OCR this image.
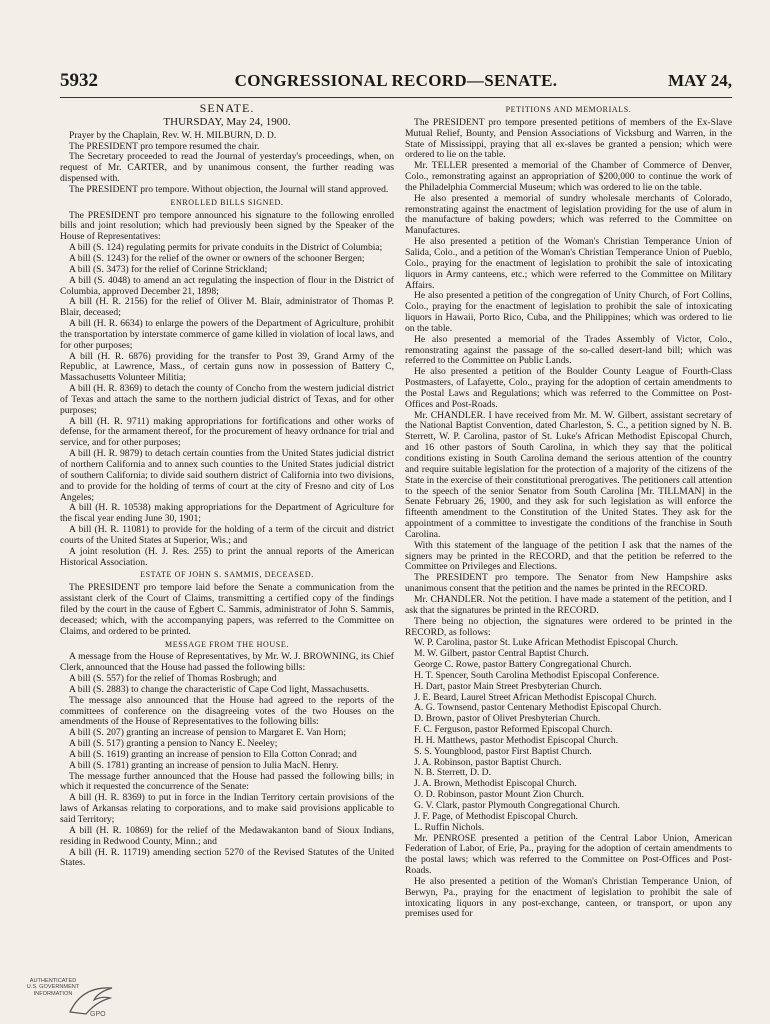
5932	CONGRESSIONAL RECORD—SENATE.	MAY 24,
SENATE.
THURSDAY, May 24, 1900.

Prayer by the Chaplain, Rev. W. H. MILBURN, D. D.

The PRESIDENT pro tempore resumed the chair.

The Secretary proceeded to read the Journal of yesterday's proceedings, when, on request of Mr. CARTER, and by unanimous consent, the further reading was dispensed with.

The PRESIDENT pro tempore. Without objection, the Journal will stand approved.

ENROLLED BILLS SIGNED.

The PRESIDENT pro tempore announced his signature to the following enrolled bills and joint resolution; which had previously been signed by the Speaker of the House of Representatives:

A bill (S. 124) regulating permits for private conduits in the District of Columbia;

A bill (S. 1243) for the relief of the owner or owners of the schooner Bergen;

A bill (S. 3473) for the relief of Corinne Strickland;

A bill (S. 4048) to amend an act regulating the inspection of flour in the District of Columbia, approved December 21, 1898;

A bill (H. R. 2156) for the relief of Oliver M. Blair, administrator of Thomas P. Blair, deceased;

A bill (H. R. 6634) to enlarge the powers of the Department of Agriculture, prohibit the transportation by interstate commerce of game killed in violation of local laws, and for other purposes;

A bill (H. R. 6876) providing for the transfer to Post 39, Grand Army of the Republic, at Lawrence, Mass., of certain guns now in possession of Battery C, Massachusetts Volunteer Militia;

A bill (H. R. 8369) to detach the county of Concho from the western judicial district of Texas and attach the same to the northern judicial district of Texas, and for other purposes;

A bill (H. R. 9711) making appropriations for fortifications and other works of defense, for the armament thereof, for the procurement of heavy ordnance for trial and service, and for other purposes;

A bill (H. R. 9879) to detach certain counties from the United States judicial district of northern California and to annex such counties to the United States judicial district of southern California; to divide said southern district of California into two divisions, and to provide for the holding of terms of court at the city of Fresno and city of Los Angeles;

A bill (H. R. 10538) making appropriations for the Department of Agriculture for the fiscal year ending June 30, 1901;

A bill (H. R. 11081) to provide for the holding of a term of the circuit and district courts of the United States at Superior, Wis.; and

A joint resolution (H. J. Res. 255) to print the annual reports of the American Historical Association.

ESTATE OF JOHN S. SAMMIS, DECEASED.

The PRESIDENT pro tempore laid before the Senate a communication from the assistant clerk of the Court of Claims, transmitting a certified copy of the findings filed by the court in the cause of Egbert C. Sammis, administrator of John S. Sammis, deceased; which, with the accompanying papers, was referred to the Committee on Claims, and ordered to be printed.

MESSAGE FROM THE HOUSE.

A message from the House of Representatives, by Mr. W. J. BROWNING, its Chief Clerk, announced that the House had passed the following bills:

A bill (S. 557) for the relief of Thomas Rosbrugh; and

A bill (S. 2883) to change the characteristic of Cape Cod light, Massachusetts.

The message also announced that the House had agreed to the reports of the committees of conference on the disagreeing votes of the two Houses on the amendments of the House of Representatives to the following bills:

A bill (S. 207) granting an increase of pension to Margaret E. Van Horn;

A bill (S. 517) granting a pension to Nancy E. Neeley;

A bill (S. 1619) granting an increase of pension to Ella Cotton Conrad; and

A bill (S. 1781) granting an increase of pension to Julia MacN. Henry.

The message further announced that the House had passed the following bills; in which it requested the concurrence of the Senate:

A bill (H. R. 8369) to put in force in the Indian Territory certain provisions of the laws of Arkansas relating to corporations, and to make said provisions applicable to said Territory;

A bill (H. R. 10869) for the relief of the Medawakanton band of Sioux Indians, residing in Redwood County, Minn.; and

A bill (H. R. 11719) amending section 5270 of the Revised Statutes of the United States.

PETITIONS AND MEMORIALS.

The PRESIDENT pro tempore presented petitions of members of the Ex-Slave Mutual Relief, Bounty, and Pension Associations of Vicksburg and Warren, in the State of Mississippi, praying that all ex-slaves be granted a pension; which were ordered to lie on the table.

Mr. TELLER presented a memorial of the Chamber of Commerce of Denver, Colo., remonstrating against an appropriation of $200,000 to continue the work of the Philadelphia Commercial Museum; which was ordered to lie on the table.

He also presented a memorial of sundry wholesale merchants of Colorado, remonstrating against the enactment of legislation providing for the use of alum in the manufacture of baking powders; which was referred to the Committee on Manufactures.

He also presented a petition of the Woman's Christian Temperance Union of Salida, Colo., and a petition of the Woman's Christian Temperance Union of Pueblo, Colo., praying for the enactment of legislation to prohibit the sale of intoxicating liquors in Army canteens, etc.; which were referred to the Committee on Military Affairs.

He also presented a petition of the congregation of Unity Church, of Fort Collins, Colo., praying for the enactment of legislation to prohibit the sale of intoxicating liquors in Hawaii, Porto Rico, Cuba, and the Philippines; which was ordered to lie on the table.

He also presented a memorial of the Trades Assembly of Victor, Colo., remonstrating against the passage of the so-called desert-land bill; which was referred to the Committee on Public Lands.

He also presented a petition of the Boulder County League of Fourth-Class Postmasters, of Lafayette, Colo., praying for the adoption of certain amendments to the Postal Laws and Regulations; which was referred to the Committee on Post-Offices and Post-Roads.

Mr. CHANDLER. I have received from Mr. M. W. Gilbert, assistant secretary of the National Baptist Convention, dated Charleston, S. C., a petition signed by N. B. Sterrett, W. P. Carolina, pastor of St. Luke's African Methodist Episcopal Church, and 16 other pastors of South Carolina, in which they say that the political conditions existing in South Carolina demand the serious attention of the country and require suitable legislation for the protection of a majority of the citizens of the State in the exercise of their constitutional prerogatives. The petitioners call attention to the speech of the senior Senator from South Carolina [Mr. TILLMAN] in the Senate February 26, 1900, and they ask for such legislation as will enforce the fifteenth amendment to the Constitution of the United States. They ask for the appointment of a committee to investigate the conditions of the franchise in South Carolina.

With this statement of the language of the petition I ask that the names of the signers may be printed in the RECORD, and that the petition be referred to the Committee on Privileges and Elections.

The PRESIDENT pro tempore. The Senator from New Hampshire asks unanimous consent that the petition and the names be printed in the RECORD.

Mr. CHANDLER. Not the petition. I have made a statement of the petition, and I ask that the signatures be printed in the RECORD.

There being no objection, the signatures were ordered to be printed in the RECORD, as follows:

W. P. Carolina, pastor St. Luke African Methodist Episcopal Church.

M. W. Gilbert, pastor Central Baptist Church.

George C. Rowe, pastor Battery Congregational Church.

H. T. Spencer, South Carolina Methodist Episcopal Conference.

H. Dart, pastor Main Street Presbyterian Church.

J. E. Beard, Laurel Street African Methodist Episcopal Church.

A. G. Townsend, pastor Centenary Methodist Episcopal Church.

D. Brown, pastor of Olivet Presbyterian Church.

F. C. Ferguson, pastor Reformed Episcopal Church.

H. H. Matthews, pastor Methodist Episcopal Church.

S. S. Youngblood, pastor First Baptist Church.

J. A. Robinson, pastor Baptist Church.

N. B. Sterrett, D. D.

J. A. Brown, Methodist Episcopal Church.

O. D. Robinson, pastor Mount Zion Church.

G. V. Clark, pastor Plymouth Congregational Church.

J. F. Page, of Methodist Episcopal Church.

L. Ruffin Nichols.

Mr. PENROSE presented a petition of the Central Labor Union, American Federation of Labor, of Erie, Pa., praying for the adoption of certain amendments to the postal laws; which was referred to the Committee on Post-Offices and Post-Roads.

He also presented a petition of the Woman's Christian Temperance Union, of Berwyn, Pa., praying for the enactment of legislation to prohibit the sale of intoxicating liquors in any post-exchange, canteen, or transport, or upon any premises used for

AUTHENTICATED
U.S. GOVERNMENT
INFORMATION
GPO
